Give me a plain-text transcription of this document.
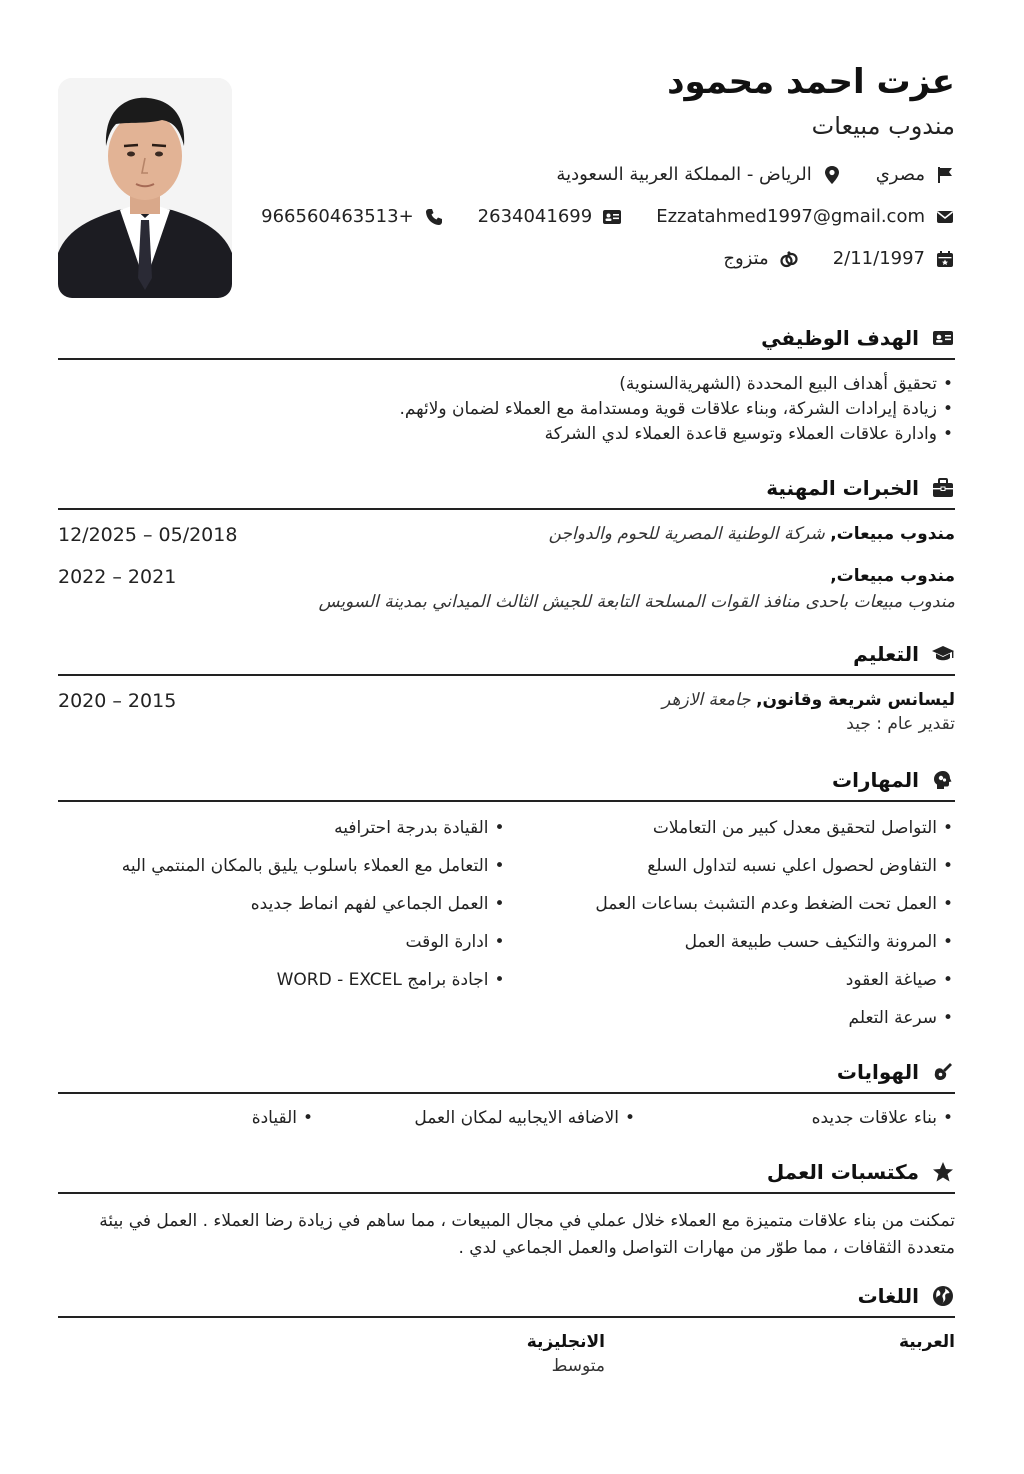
عزت احمد محمود
مندوب مبيعات
مصري
الرياض - المملكة العربية السعودية
Ezzatahmed1997@gmail.com
2634041699
966560463513+
2/11/1997
متزوج
الهدف الوظيفي
• تحقيق أهداف البيع المحددة (الشهريةالسنوية)
• زيادة إيرادات الشركة، وبناء علاقات قوية ومستدامة مع العملاء لضمان ولائهم.
• وادارة علاقات العملاء وتوسيع قاعدة العملاء لدي الشركة
الخبرات المهنية
مندوب مبيعات, شركة الوطنية المصرية للحوم والدواجن
12/2025 – 05/2018
مندوب مبيعات,
2022 – 2021
مندوب مبيعات باحدى منافذ القوات المسلحة التابعة للجيش الثالث الميداني بمدينة السويس
التعليم
ليسانس شريعة وقانون, جامعة الازهر
2020 – 2015
تقدير عام : جيد
المهارات
• التواصل لتحقيق معدل كبير من التعاملات
• التفاوض لحصول اعلي نسبه لتداول السلع
• العمل تحت الضغط وعدم التشبث بساعات العمل
• المرونة والتكيف حسب طبيعة العمل
• صياغة العقود
• سرعة التعلم
• القيادة بدرجة احترافيه
• التعامل مع العملاء باسلوب يليق بالمكان المنتمي اليه
• العمل الجماعي لفهم انماط جديده
• ادارة الوقت
• اجادة برامج WORD - EXCEL
الهوايات
• بناء علاقات جديده
• الاضافه الايجابيه لمكان العمل
• القيادة
مكتسبات العمل
تمكنت من بناء علاقات متميزة مع العملاء خلال عملي في مجال المبيعات ، مما ساهم في زيادة رضا العملاء . العمل في بيئة متعددة الثقافات ، مما طوّر من مهارات التواصل والعمل الجماعي لدي .
اللغات
العربية
الانجليزية
متوسط
